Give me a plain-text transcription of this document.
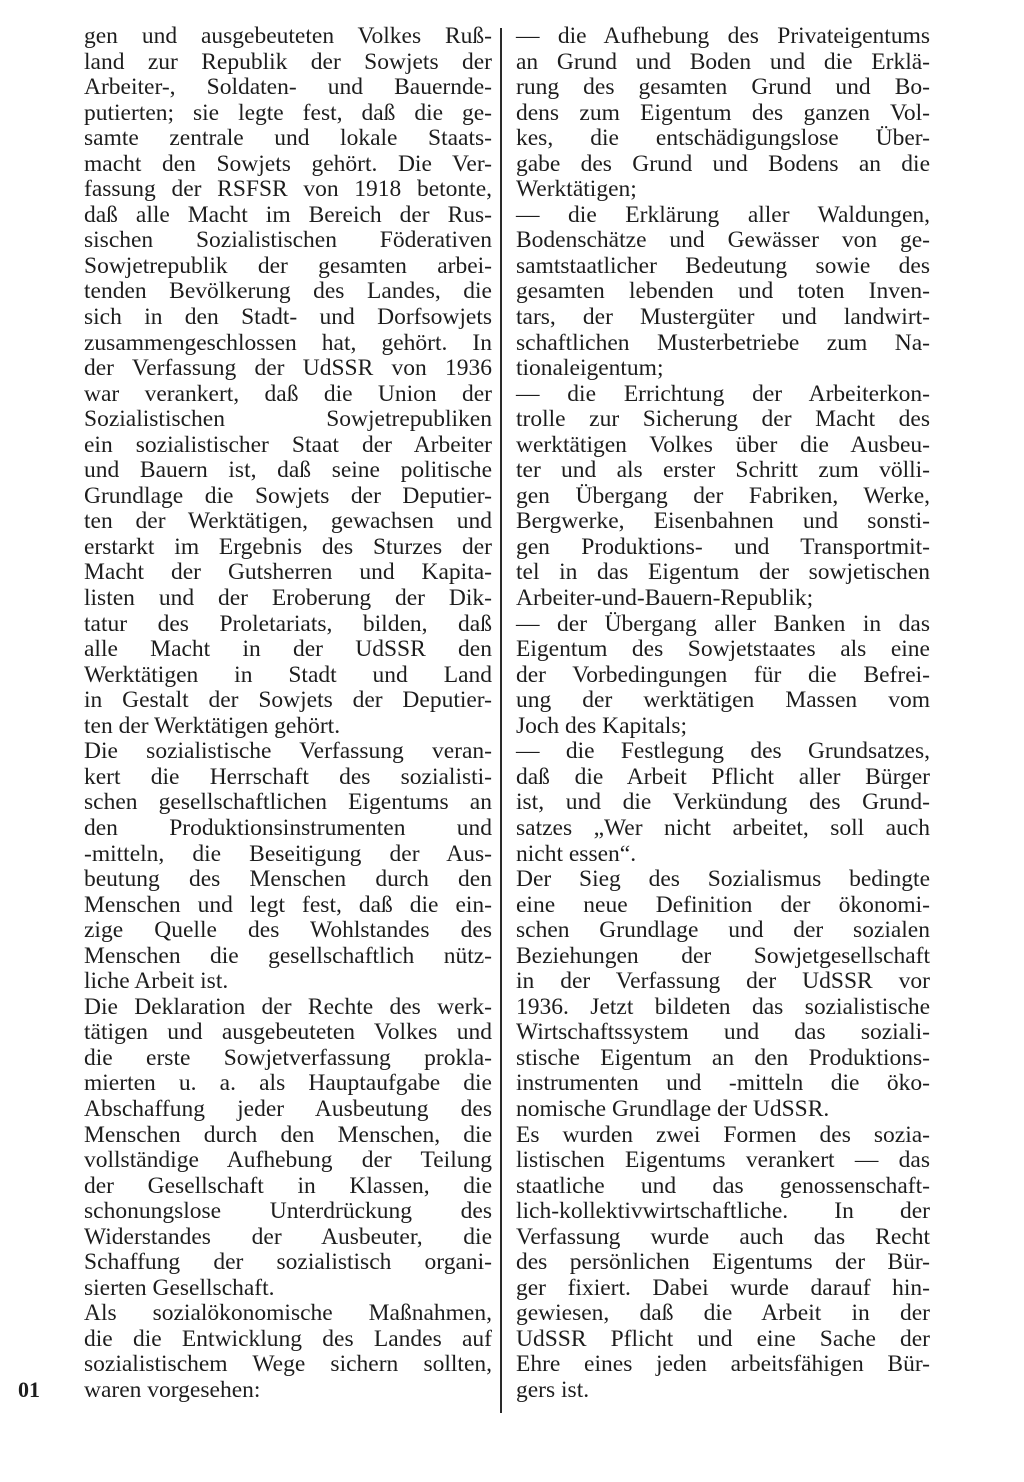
gen und ausgebeuteten Volkes Ruß-
land zur Republik der Sowjets der
Arbeiter-, Soldaten- und Bauernde-
putierten; sie legte fest, daß die ge-
samte zentrale und lokale Staats-
macht den Sowjets gehört. Die Ver-
fassung der RSFSR von 1918 betonte,
daß alle Macht im Bereich der Rus-
sischen Sozialistischen Föderativen
Sowjetrepublik der gesamten arbei-
tenden Bevölkerung des Landes, die
sich in den Stadt- und Dorfsowjets
zusammengeschlossen hat, gehört. In
der Verfassung der UdSSR von 1936
war verankert, daß die Union der
Sozialistischen Sowjetrepubliken
ein sozialistischer Staat der Arbeiter
und Bauern ist, daß seine politische
Grundlage die Sowjets der Deputier-
ten der Werktätigen, gewachsen und
erstarkt im Ergebnis des Sturzes der
Macht der Gutsherren und Kapita-
listen und der Eroberung der Dik-
tatur des Proletariats, bilden, daß
alle Macht in der UdSSR den
Werktätigen in Stadt und Land
in Gestalt der Sowjets der Deputier-
ten der Werktätigen gehört.
Die sozialistische Verfassung veran-
kert die Herrschaft des sozialisti-
schen gesellschaftlichen Eigentums an
den Produktionsinstrumenten und
-mitteln, die Beseitigung der Aus-
beutung des Menschen durch den
Menschen und legt fest, daß die ein-
zige Quelle des Wohlstandes des
Menschen die gesellschaftlich nütz-
liche Arbeit ist.
Die Deklaration der Rechte des werk-
tätigen und ausgebeuteten Volkes und
die erste Sowjetverfassung prokla-
mierten u. a. als Hauptaufgabe die
Abschaffung jeder Ausbeutung des
Menschen durch den Menschen, die
vollständige Aufhebung der Teilung
der Gesellschaft in Klassen, die
schonungslose Unterdrückung des
Widerstandes der Ausbeuter, die
Schaffung der sozialistisch organi-
sierten Gesellschaft.
Als sozialökonomische Maßnahmen,
die die Entwicklung des Landes auf
sozialistischem Wege sichern sollten,
waren vorgesehen:
— die Aufhebung des Privateigentums
an Grund und Boden und die Erklä-
rung des gesamten Grund und Bo-
dens zum Eigentum des ganzen Vol-
kes, die entschädigungslose Über-
gabe des Grund und Bodens an die
Werktätigen;
— die Erklärung aller Waldungen,
Bodenschätze und Gewässer von ge-
samtstaatlicher Bedeutung sowie des
gesamten lebenden und toten Inven-
tars, der Mustergüter und landwirt-
schaftlichen Musterbetriebe zum Na-
tionaleigentum;
— die Errichtung der Arbeiterkon-
trolle zur Sicherung der Macht des
werktätigen Volkes über die Ausbeu-
ter und als erster Schritt zum völli-
gen Übergang der Fabriken, Werke,
Bergwerke, Eisenbahnen und sonsti-
gen Produktions- und Transportmit-
tel in das Eigentum der sowjetischen
Arbeiter-und-Bauern-Republik;
— der Übergang aller Banken in das
Eigentum des Sowjetstaates als eine
der Vorbedingungen für die Befrei-
ung der werktätigen Massen vom
Joch des Kapitals;
— die Festlegung des Grundsatzes,
daß die Arbeit Pflicht aller Bürger
ist, und die Verkündung des Grund-
satzes „Wer nicht arbeitet, soll auch
nicht essen“.
Der Sieg des Sozialismus bedingte
eine neue Definition der ökonomi-
schen Grundlage und der sozialen
Beziehungen der Sowjetgesellschaft
in der Verfassung der UdSSR vor
1936. Jetzt bildeten das sozialistische
Wirtschaftssystem und das soziali-
stische Eigentum an den Produktions-
instrumenten und -mitteln die öko-
nomische Grundlage der UdSSR.
Es wurden zwei Formen des sozia-
listischen Eigentums verankert — das
staatliche und das genossenschaft-
lich-kollektivwirtschaftliche. In der
Verfassung wurde auch das Recht
des persönlichen Eigentums der Bür-
ger fixiert. Dabei wurde darauf hin-
gewiesen, daß die Arbeit in der
UdSSR Pflicht und eine Sache der
Ehre eines jeden arbeitsfähigen Bür-
gers ist.
01
